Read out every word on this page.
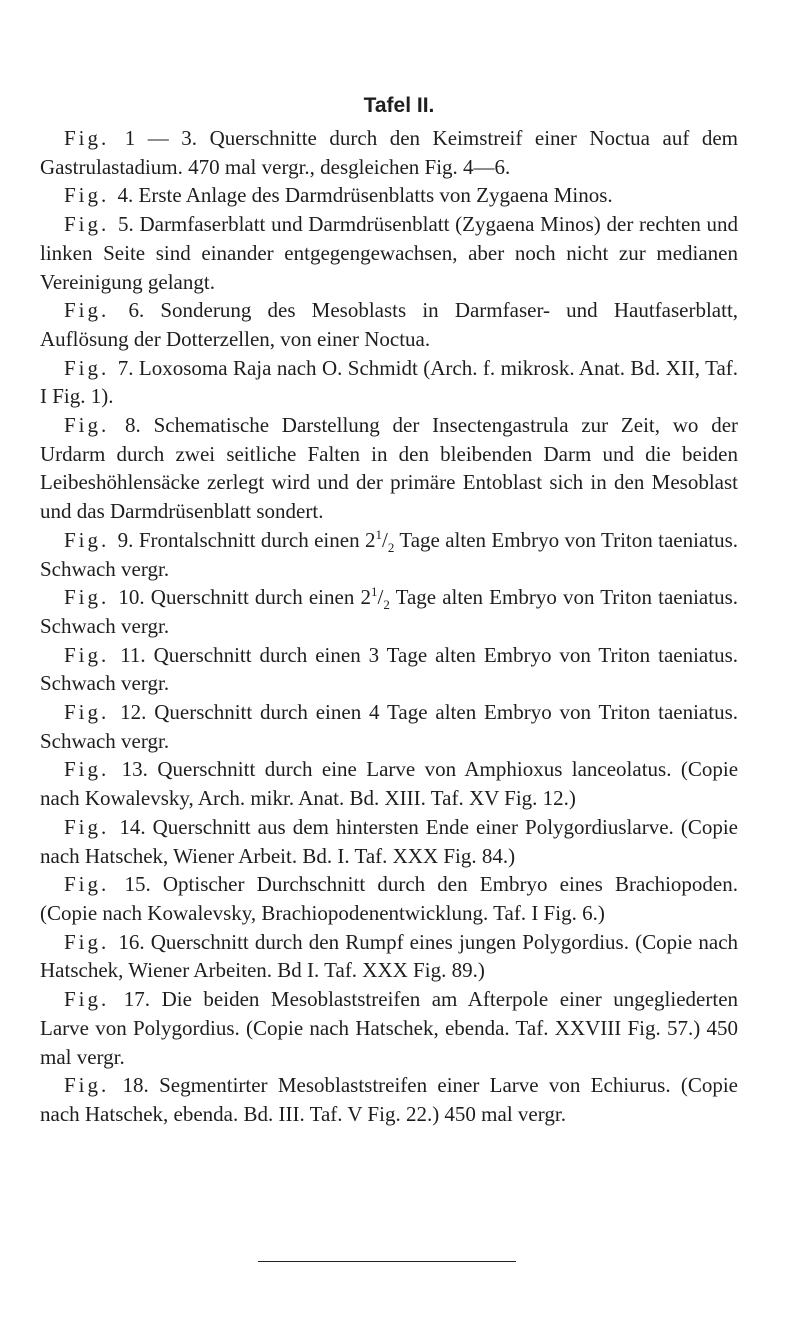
Tafel II.

Fig. 1 — 3. Querschnitte durch den Keimstreif einer Noctua auf dem Gastrulastadium. 470 mal vergr., desgleichen Fig. 4—6.

Fig. 4. Erste Anlage des Darmdrüsenblatts von Zygaena Minos.

Fig. 5. Darmfaserblatt und Darmdrüsenblatt (Zygaena Minos) der rechten und linken Seite sind einander entgegengewachsen, aber noch nicht zur medianen Vereinigung gelangt.

Fig. 6. Sonderung des Mesoblasts in Darmfaser- und Hautfaserblatt, Auflösung der Dotterzellen, von einer Noctua.

Fig. 7. Loxosoma Raja nach O. Schmidt (Arch. f. mikrosk. Anat. Bd. XII, Taf. I Fig. 1).

Fig. 8. Schematische Darstellung der Insectengastrula zur Zeit, wo der Urdarm durch zwei seitliche Falten in den bleibenden Darm und die beiden Leibeshöhlensäcke zerlegt wird und der primäre Entoblast sich in den Mesoblast und das Darmdrüsenblatt sondert.

Fig. 9. Frontalschnitt durch einen $2^1/_2$ Tage alten Embryo von Triton taeniatus. Schwach vergr.

Fig. 10. Querschnitt durch einen $2^1/_2$ Tage alten Embryo von Triton taeniatus. Schwach vergr.

Fig. 11. Querschnitt durch einen 3 Tage alten Embryo von Triton taeniatus. Schwach vergr.

Fig. 12. Querschnitt durch einen 4 Tage alten Embryo von Triton taeniatus. Schwach vergr.

Fig. 13. Querschnitt durch eine Larve von Amphioxus lanceolatus. (Copie nach Kowalevsky, Arch. mikr. Anat. Bd. XIII. Taf. XV Fig. 12.)

Fig. 14. Querschnitt aus dem hintersten Ende einer Polygordiuslarve. (Copie nach Hatschek, Wiener Arbeit. Bd. I. Taf. XXX Fig. 84.)

Fig. 15. Optischer Durchschnitt durch den Embryo eines Brachiopoden. (Copie nach Kowalevsky, Brachiopodenentwicklung. Taf. I Fig. 6.)

Fig. 16. Querschnitt durch den Rumpf eines jungen Polygordius. (Copie nach Hatschek, Wiener Arbeiten. Bd I. Taf. XXX Fig. 89.)

Fig. 17. Die beiden Mesoblaststreifen am Afterpole einer ungegliederten Larve von Polygordius. (Copie nach Hatschek, ebenda. Taf. XXVIII Fig. 57.) 450 mal vergr.

Fig. 18. Segmentirter Mesoblaststreifen einer Larve von Echiurus. (Copie nach Hatschek, ebenda. Bd. III. Taf. V Fig. 22.) 450 mal vergr.
